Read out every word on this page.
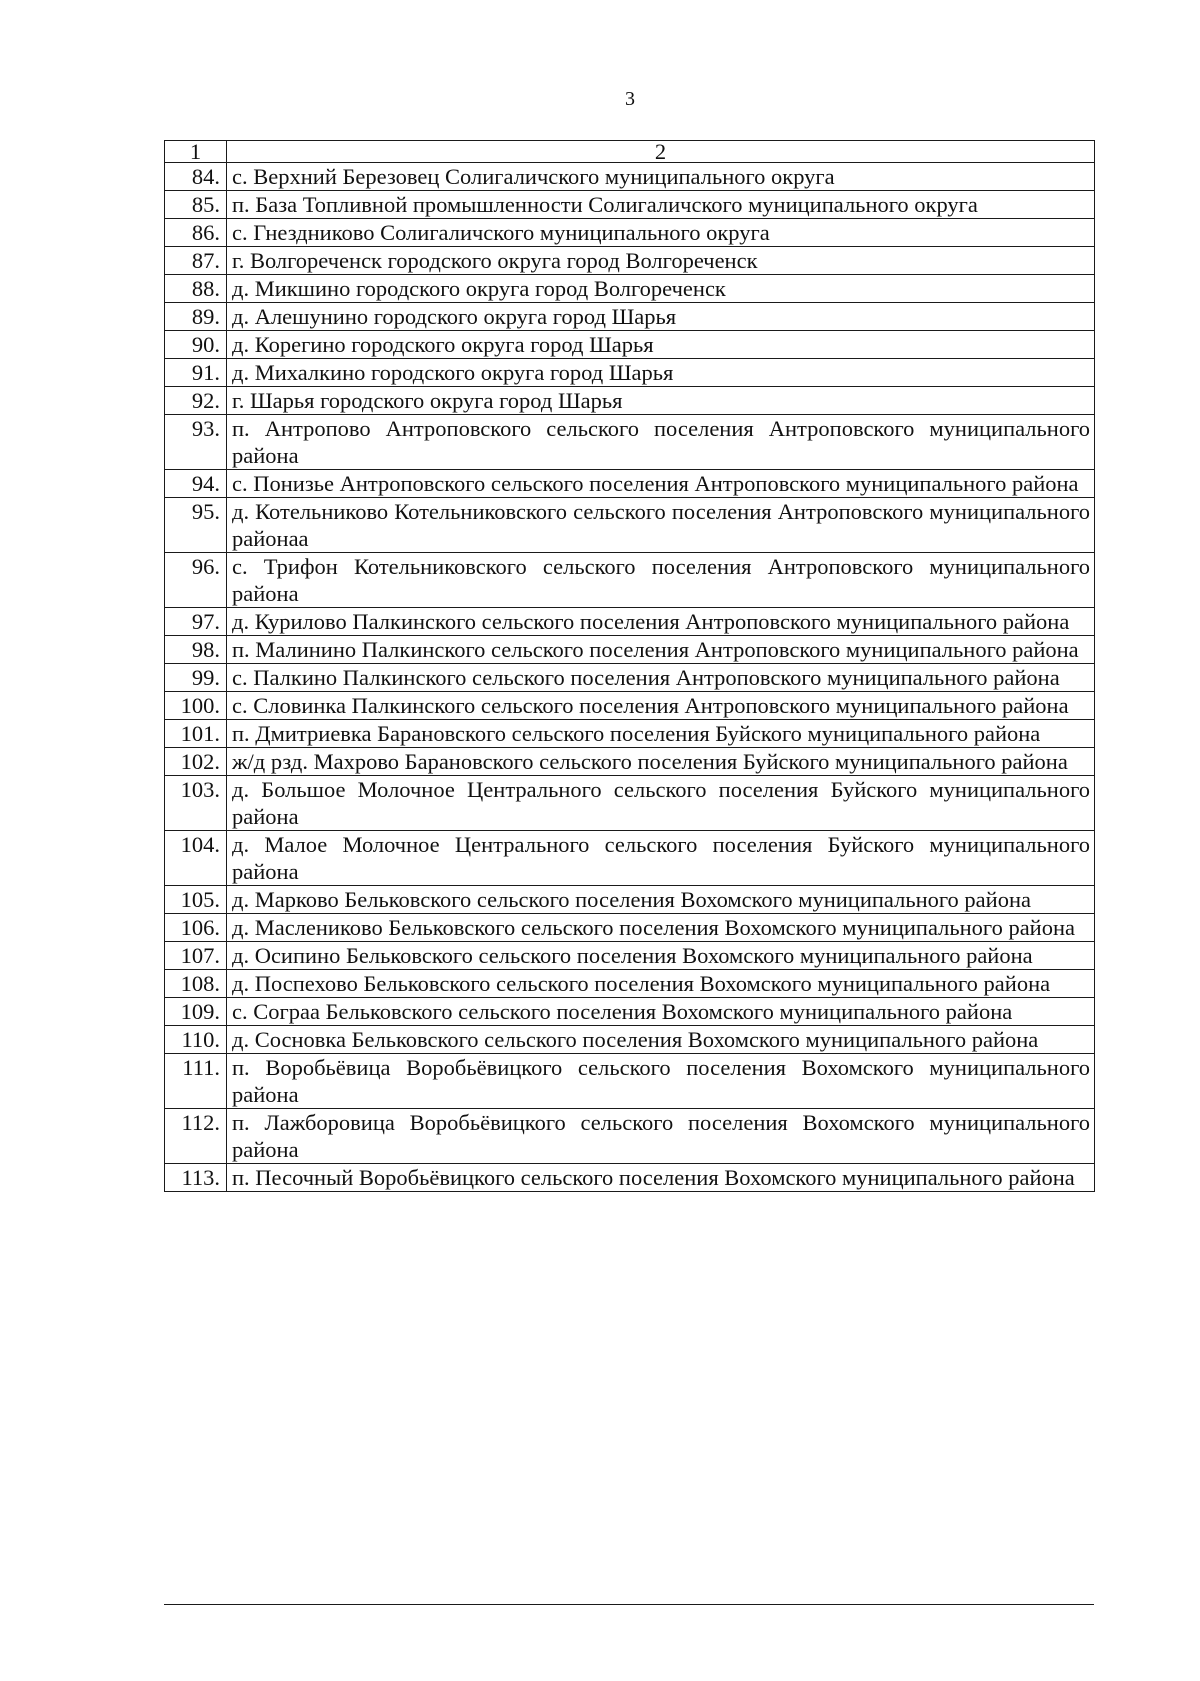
3
1	2
84.	с. Верхний Березовец Солигаличского муниципального округа
85.	п. База Топливной промышленности Солигаличского муниципального округа
86.	с. Гнездниково Солигаличского муниципального округа
87.	г. Волгореченск городского округа город Волгореченск
88.	д. Микшино городского округа город Волгореченск
89.	д. Алешунино городского округа город Шарья
90.	д. Корегино городского округа город Шарья
91.	д. Михалкино городского округа город Шарья
92.	г. Шарья городского округа город Шарья
93.	п. Антропово Антроповского сельского поселения Антроповского муниципального района
94.	с. Понизье Антроповского сельского поселения Антроповского муниципального района
95.	д. Котельниково Котельниковского сельского поселения Антроповского муниципального районаа
96.	с. Трифон Котельниковского сельского поселения Антроповского муниципального района
97.	д. Курилово Палкинского сельского поселения Антроповского муниципального района
98.	п. Малинино Палкинского сельского поселения Антроповского муниципального района
99.	с. Палкино Палкинского сельского поселения Антроповского муниципального района
100.	с. Словинка Палкинского сельского поселения Антроповского муниципального района
101.	п. Дмитриевка Барановского сельского поселения Буйского муниципального района
102.	ж/д рзд. Махрово Барановского сельского поселения Буйского муниципального района
103.	д. Большое Молочное Центрального сельского поселения Буйского муниципального района
104.	д. Малое Молочное Центрального сельского поселения Буйского муниципального района
105.	д. Марково Бельковского сельского поселения Вохомского муниципального района
106.	д. Маслениково Бельковского сельского поселения Вохомского муниципального района
107.	д. Осипино Бельковского сельского поселения Вохомского муниципального района
108.	д. Поспехово Бельковского сельского поселения Вохомского муниципального района
109.	с. Сограа Бельковского сельского поселения Вохомского муниципального района
110.	д. Сосновка Бельковского сельского поселения Вохомского муниципального района
111.	п. Воробьёвица Воробьёвицкого сельского поселения Вохомского муниципального района
112.	п. Лажборовица Воробьёвицкого сельского поселения Вохомского муниципального района
113.	п. Песочный Воробьёвицкого сельского поселения Вохомского муниципального района
